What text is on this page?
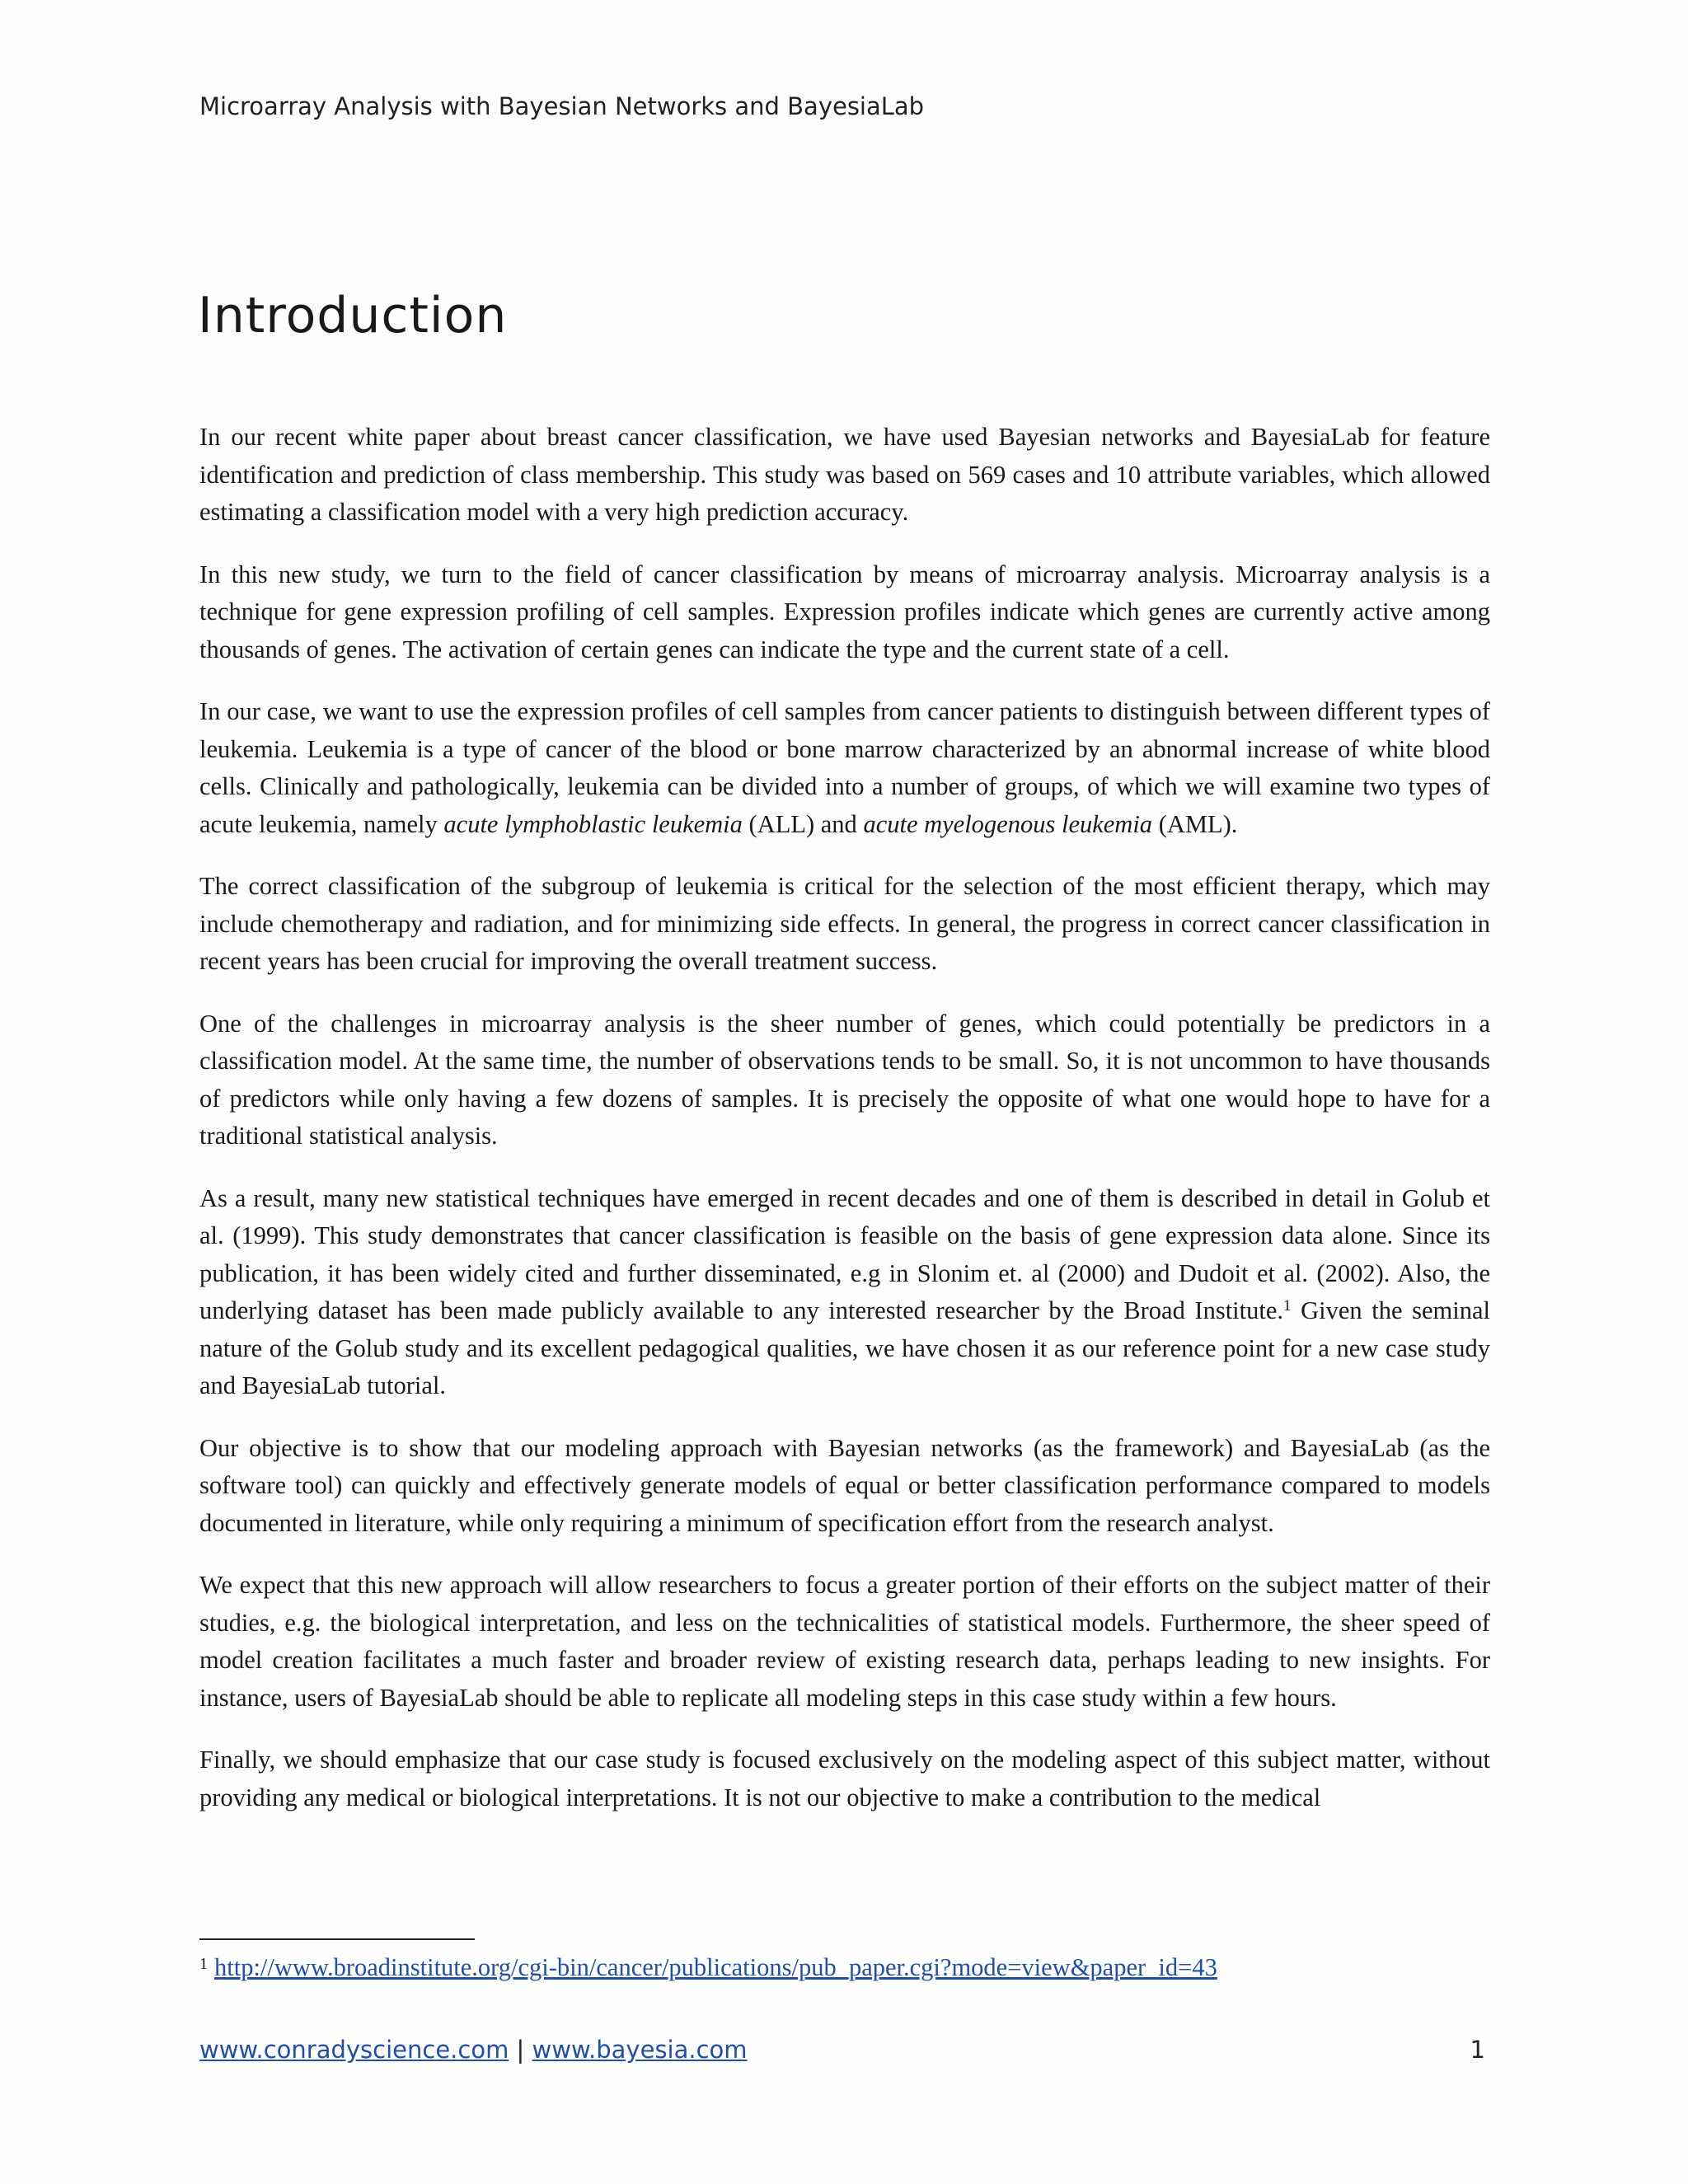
Microarray Analysis with Bayesian Networks and BayesiaLab
Introduction

In our recent white paper about breast cancer classification, we have used Bayesian networks and BayesiaLab for feature identification and prediction of class membership. This study was based on 569 cases and 10 attribute variables, which allowed estimating a classification model with a very high prediction accuracy.

In this new study, we turn to the field of cancer classification by means of microarray analysis. Microarray analysis is a technique for gene expression profiling of cell samples. Expression profiles indicate which genes are currently active among thousands of genes. The activation of certain genes can indicate the type and the current state of a cell.

In our case, we want to use the expression profiles of cell samples from cancer patients to distinguish between different types of leukemia. Leukemia is a type of cancer of the blood or bone marrow characterized by an abnormal increase of white blood cells. Clinically and pathologically, leukemia can be divided into a number of groups, of which we will examine two types of acute leukemia, namely acute lymphoblastic leukemia (ALL) and acute myelogenous leukemia (AML).

The correct classification of the subgroup of leukemia is critical for the selection of the most efficient therapy, which may include chemotherapy and radiation, and for minimizing side effects. In general, the progress in correct cancer classification in recent years has been crucial for improving the overall treatment success.

One of the challenges in microarray analysis is the sheer number of genes, which could potentially be predictors in a classification model. At the same time, the number of observations tends to be small. So, it is not uncommon to have thousands of predictors while only having a few dozens of samples. It is precisely the opposite of what one would hope to have for a traditional statistical analysis.

As a result, many new statistical techniques have emerged in recent decades and one of them is described in detail in Golub et al. (1999). This study demonstrates that cancer classification is feasible on the basis of gene expression data alone. Since its publication, it has been widely cited and further disseminated, e.g in Slonim et. al (2000) and Dudoit et al. (2002). Also, the underlying dataset has been made publicly available to any interested researcher by the Broad Institute.$^1$ Given the seminal nature of the Golub study and its excellent pedagogical qualities, we have chosen it as our reference point for a new case study and BayesiaLab tutorial.

Our objective is to show that our modeling approach with Bayesian networks (as the framework) and BayesiaLab (as the software tool) can quickly and effectively generate models of equal or better classification performance compared to models documented in literature, while only requiring a minimum of specification effort from the research analyst.

We expect that this new approach will allow researchers to focus a greater portion of their efforts on the subject matter of their studies, e.g. the biological interpretation, and less on the technicalities of statistical models. Furthermore, the sheer speed of model creation facilitates a much faster and broader review of existing research data, perhaps leading to new insights. For instance, users of BayesiaLab should be able to replicate all modeling steps in this case study within a few hours.

Finally, we should emphasize that our case study is focused exclusively on the modeling aspect of this subject matter, without providing any medical or biological interpretations. It is not our objective to make a contribution to the medical

$^1$ http://www.broadinstitute.org/cgi-bin/cancer/publications/pub_paper.cgi?mode=view&paper_id=43
www.conradyscience.com | www.bayesia.com	1
